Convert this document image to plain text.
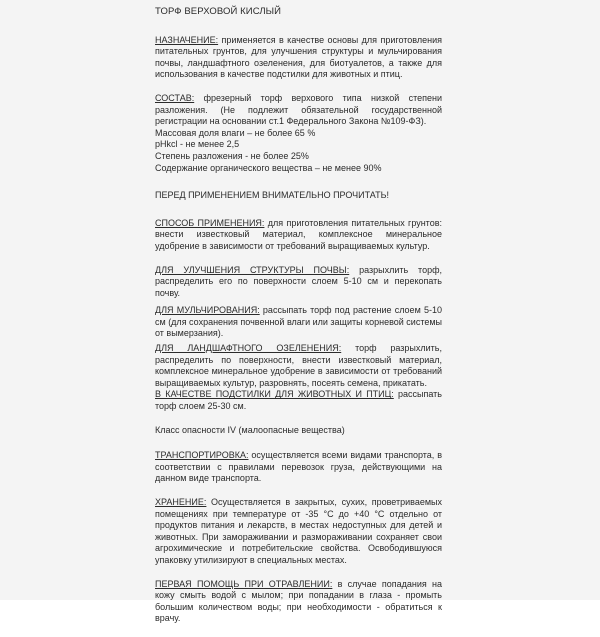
ТОРФ ВЕРХОВОЙ КИСЛЫЙ
НАЗНАЧЕНИЕ: применяется в качестве основы для приготовления питательных грунтов, для улучшения структуры и мульчирования почвы, ландшафтного озеленения, для биотуалетов, а также для использования в качестве подстилки для животных и птиц.
СОСТАВ: фрезерный торф верхового типа низкой степени разложения. (Не подлежит обязательной государственной регистрации на основании ст.1 Федерального Закона №109-ФЗ).
Массовая доля влаги – не более 65 %
pHkcl - не менее 2,5
Степень разложения - не более 25%
Содержание органического вещества – не менее 90%
ПЕРЕД ПРИМЕНЕНИЕМ ВНИМАТЕЛЬНО ПРОЧИТАТЬ!
СПОСОБ ПРИМЕНЕНИЯ: для приготовления питательных грунтов: внести известковый материал, комплексное минеральное удобрение в зависимости от требований выращиваемых культур.
ДЛЯ УЛУЧШЕНИЯ СТРУКТУРЫ ПОЧВЫ: разрыхлить торф, распределить его по поверхности слоем 5-10 см и перекопать почву.
ДЛЯ МУЛЬЧИРОВАНИЯ: рассыпать торф под растение слоем 5-10 см (для сохранения почвенной влаги или защиты корневой системы от вымерзания).
ДЛЯ ЛАНДШАФТНОГО ОЗЕЛЕНЕНИЯ: торф разрыхлить, распределить по поверхности, внести известковый материал, комплексное минеральное удобрение в зависимости от требований выращиваемых культур, разровнять, посеять семена, прикатать.
В КАЧЕСТВЕ ПОДСТИЛКИ ДЛЯ ЖИВОТНЫХ И ПТИЦ: рассыпать торф слоем 25-30 см.
Класс опасности IV (малоопасные вещества)
ТРАНСПОРТИРОВКА: осуществляется всеми видами транспорта, в соответствии с правилами перевозок груза, действующими на данном виде транспорта.
ХРАНЕНИЕ: Осуществляется в закрытых, сухих, проветриваемых помещениях при температуре от -35 °С до +40 °С отдельно от продуктов питания и лекарств, в местах недоступных для детей и животных. При замораживании и размораживании сохраняет свои агрохимические и потребительские свойства. Освободившуюся упаковку утилизируют в специальных местах.
ПЕРВАЯ ПОМОЩЬ ПРИ ОТРАВЛЕНИИ: в случае попадания на кожу смыть водой с мылом; при попадании в глаза - промыть большим количеством воды; при необходимости - обратиться к врачу.
